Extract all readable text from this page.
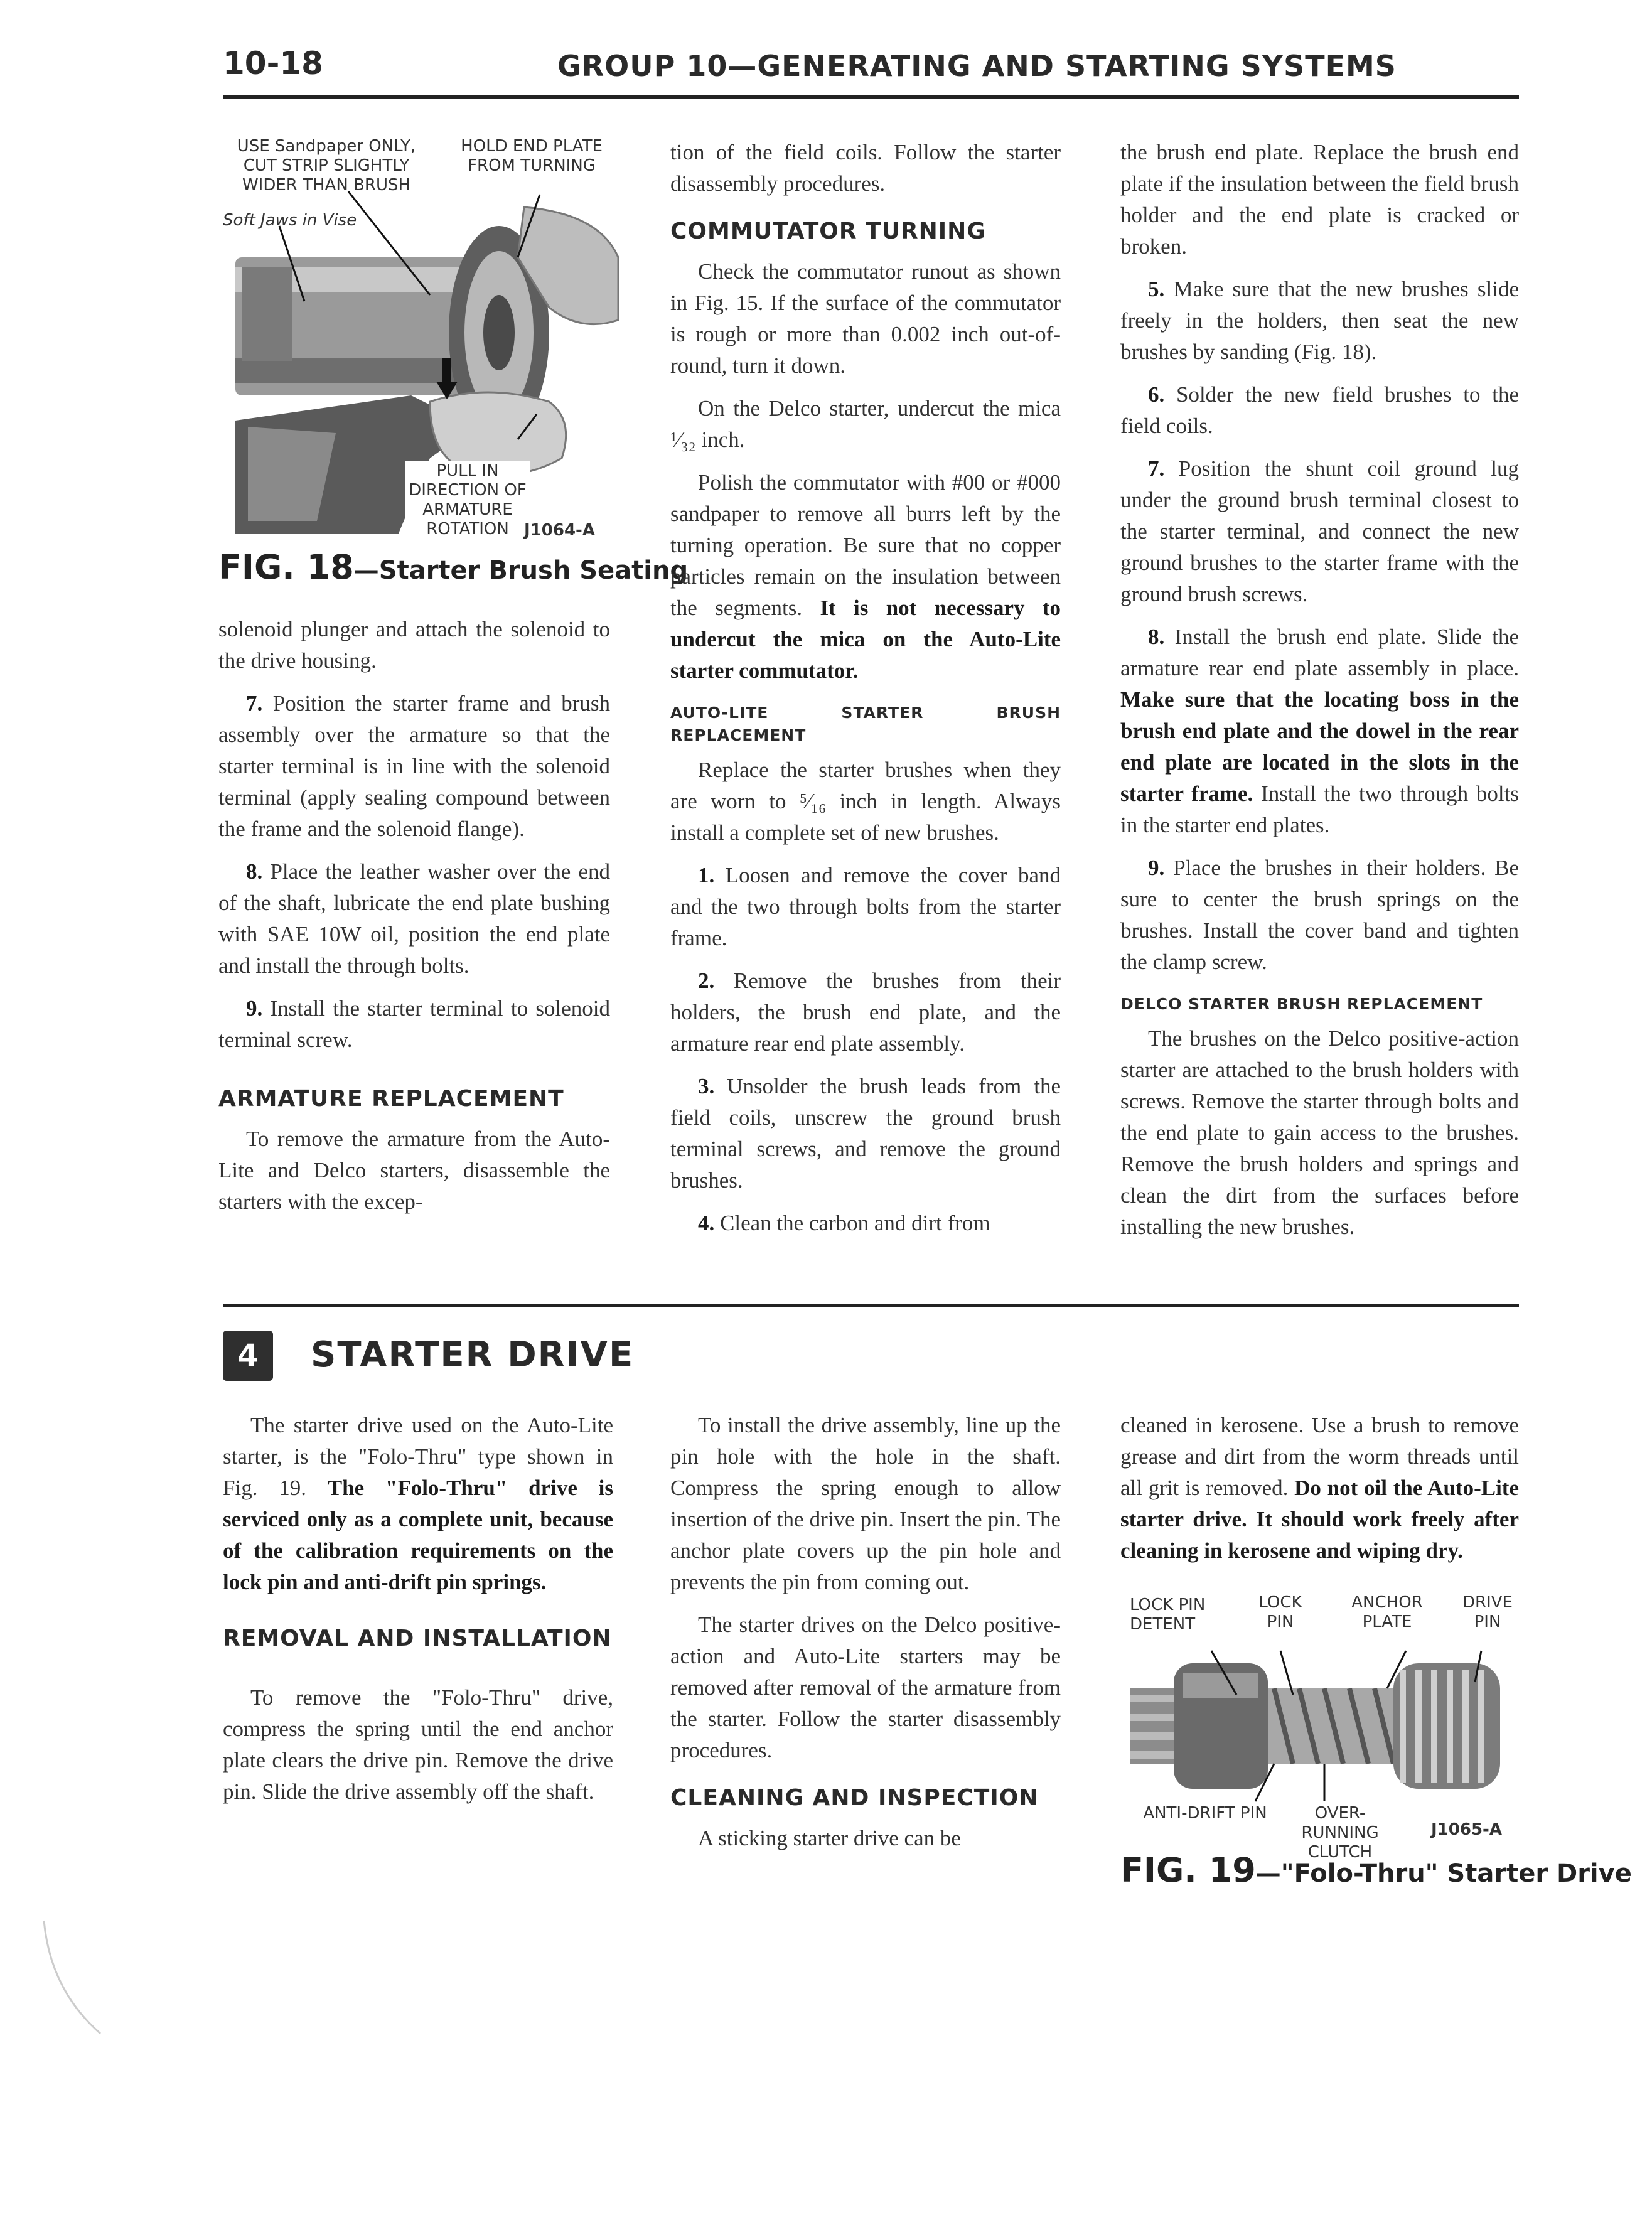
10-18	GROUP 10—GENERATING AND STARTING SYSTEMS
USE Sandpaper ONLY, CUT STRIP SLIGHTLY WIDER THAN BRUSH
HOLD END PLATE FROM TURNING
Soft Jaws in Vise
PULL IN DIRECTION OF ARMATURE ROTATION J1064-A
FIG. 18—Starter Brush Seating

solenoid plunger and attach the solenoid to the drive housing.

7. Position the starter frame and brush assembly over the armature so that the starter terminal is in line with the solenoid terminal (apply sealing compound between the frame and the solenoid flange).

8. Place the leather washer over the end of the shaft, lubricate the end plate bushing with SAE 10W oil, position the end plate and install the through bolts.

9. Install the starter terminal to solenoid terminal screw.

ARMATURE REPLACEMENT

To remove the armature from the Auto-Lite and Delco starters, disassemble the starters with the excep-

tion of the field coils. Follow the starter disassembly procedures.

COMMUTATOR TURNING

Check the commutator runout as shown in Fig. 15. If the surface of the commutator is rough or more than 0.002 inch out-of-round, turn it down.

On the Delco starter, undercut the mica ¹⁄₃₂ inch.

Polish the commutator with #00 or #000 sandpaper to remove all burrs left by the turning operation. Be sure that no copper particles remain on the insulation between the segments. It is not necessary to undercut the mica on the Auto-Lite starter commutator.

AUTO-LITE STARTER BRUSH REPLACEMENT

Replace the starter brushes when they are worn to ⁵⁄₁₆ inch in length. Always install a complete set of new brushes.

1. Loosen and remove the cover band and the two through bolts from the starter frame.

2. Remove the brushes from their holders, the brush end plate, and the armature rear end plate assembly.

3. Unsolder the brush leads from the field coils, unscrew the ground brush terminal screws, and remove the ground brushes.

4. Clean the carbon and dirt from

the brush end plate. Replace the brush end plate if the insulation between the field brush holder and the end plate is cracked or broken.

5. Make sure that the new brushes slide freely in the holders, then seat the new brushes by sanding (Fig. 18).

6. Solder the new field brushes to the field coils.

7. Position the shunt coil ground lug under the ground brush terminal closest to the starter terminal, and connect the new ground brushes to the starter frame with the ground brush screws.

8. Install the brush end plate. Slide the armature rear end plate assembly in place. Make sure that the locating boss in the brush end plate and the dowel in the rear end plate are located in the slots in the starter frame. Install the two through bolts in the starter end plates.

9. Place the brushes in their holders. Be sure to center the brush springs on the brushes. Install the cover band and tighten the clamp screw.

DELCO STARTER BRUSH REPLACEMENT

The brushes on the Delco positive-action starter are attached to the brush holders with screws. Remove the starter through bolts and the end plate to gain access to the brushes. Remove the brush holders and springs and clean the dirt from the surfaces before installing the new brushes.

4	STARTER DRIVE

The starter drive used on the Auto-Lite starter, is the "Folo-Thru" type shown in Fig. 19. The "Folo-Thru" drive is serviced only as a complete unit, because of the calibration requirements on the lock pin and anti-drift pin springs.

REMOVAL AND INSTALLATION

To remove the "Folo-Thru" drive, compress the spring until the end anchor plate clears the drive pin. Remove the drive pin. Slide the drive assembly off the shaft.

To install the drive assembly, line up the pin hole with the hole in the shaft. Compress the spring enough to allow insertion of the drive pin. Insert the pin. The anchor plate covers up the pin hole and prevents the pin from coming out.

The starter drives on the Delco positive-action and Auto-Lite starters may be removed after removal of the armature from the starter. Follow the starter disassembly procedures.

CLEANING AND INSPECTION

A sticking starter drive can be

cleaned in kerosene. Use a brush to remove grease and dirt from the worm threads until all grit is removed. Do not oil the Auto-Lite starter drive. It should work freely after cleaning in kerosene and wiping dry.

LOCK PIN DETENT
LOCK PIN
ANCHOR PLATE
DRIVE PIN
ANTI-DRIFT PIN	OVER-RUNNING CLUTCH
J1065-A
FIG. 19—"Folo-Thru" Starter Drive
